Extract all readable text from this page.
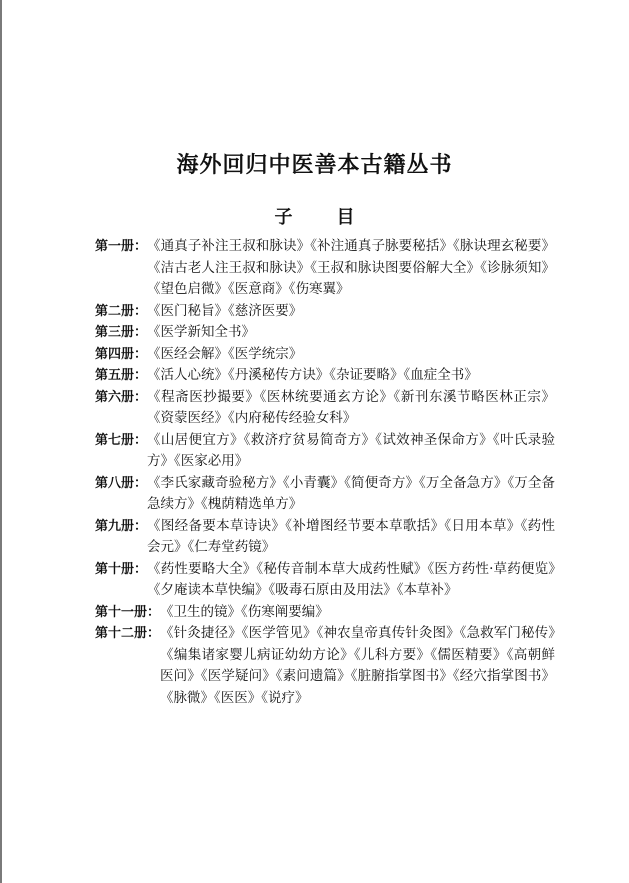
海外回归中医善本古籍丛书
子目
第一册： 《通真子补注王叔和脉诀》《补注通真子脉要秘括》《脉诀理玄秘要》《洁古老人注王叔和脉诀》《王叔和脉诀图要俗解大全》《诊脉须知》《望色启微》《医意商》《伤寒翼》
第二册： 《医门秘旨》《慈济医要》
第三册： 《医学新知全书》
第四册： 《医经会解》《医学统宗》
第五册： 《活人心统》《丹溪秘传方诀》《杂证要略》《血症全书》
第六册： 《程斋医抄撮要》《医林统要通玄方论》《新刊东溪节略医林正宗》《资蒙医经》《内府秘传经验女科》
第七册： 《山居便宜方》《救济疗贫易简奇方》《试效神圣保命方》《叶氏录验方》《医家必用》
第八册： 《李氏家藏奇验秘方》《小青囊》《简便奇方》《万全备急方》《万全备急续方》《槐荫精选单方》
第九册： 《图经备要本草诗诀》《补增图经节要本草歌括》《日用本草》《药性会元》《仁寿堂药镜》
第十册： 《药性要略大全》《秘传音制本草大成药性赋》《医方药性·草药便览》《夕庵读本草快编》《吸毒石原由及用法》《本草补》
第十一册： 《卫生的镜》《伤寒阐要编》
第十二册： 《针灸捷径》《医学管见》《神农皇帝真传针灸图》《急救军门秘传》《编集诸家婴儿病证幼幼方论》《儿科方要》《儒医精要》《高朝鲜医问》《医学疑问》《素问遗篇》《脏腑指掌图书》《经穴指掌图书》《脉微》《医医》《说疗》
